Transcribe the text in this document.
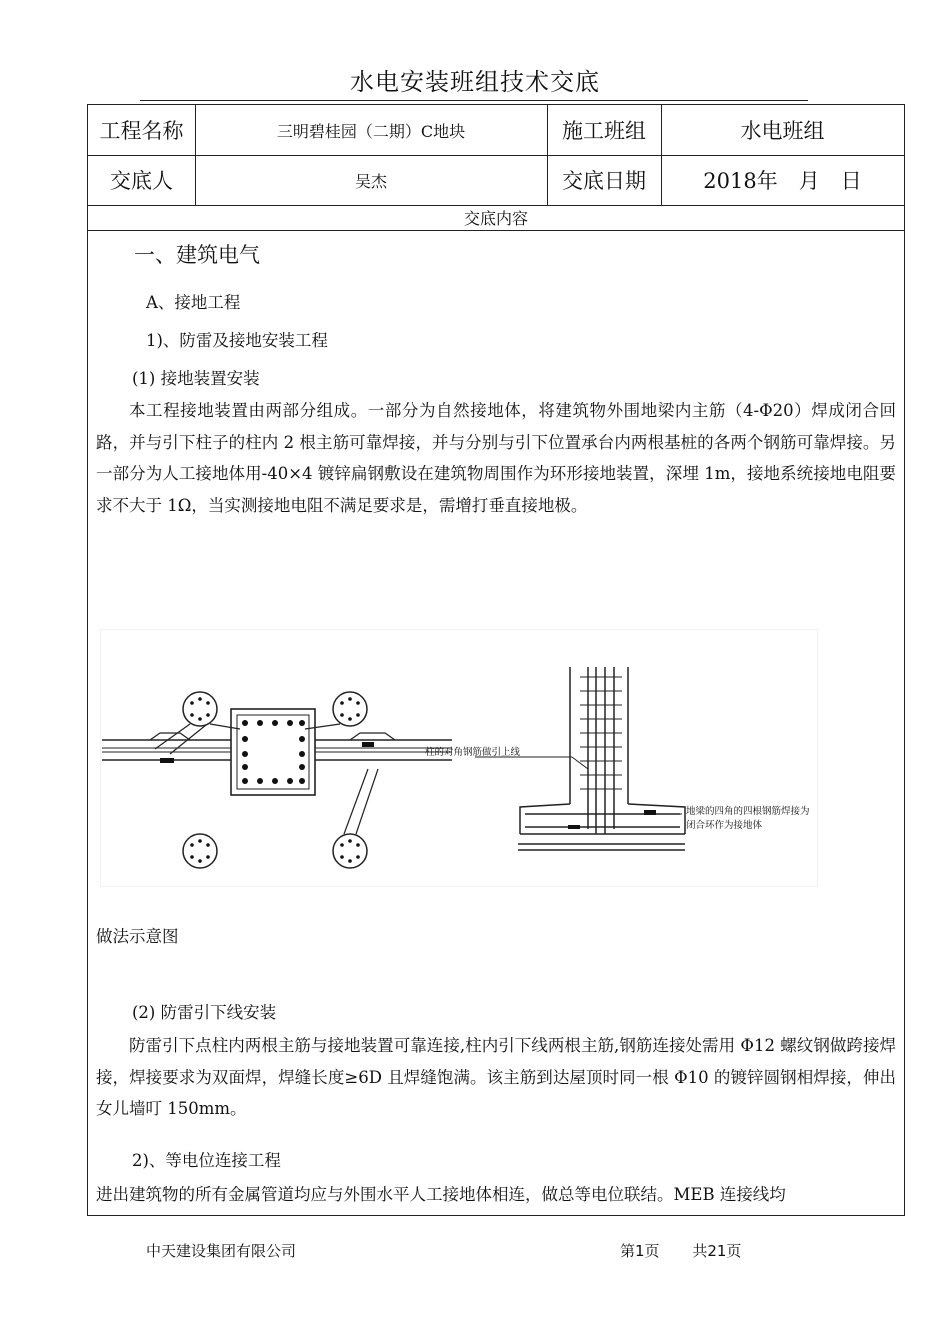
水电安装班组技术交底
工程名称	三明碧桂园（二期）C地块	施工班组	水电班组
交底人	吴杰	交底日期	2018年　月　日
交底内容
一、建筑电气
A、接地工程
1)、防雷及接地安装工程
(1) 接地装置安装
本工程接地装置由两部分组成。一部分为自然接地体，将建筑物外围地梁内主筋（4-Φ20）焊成闭合回路，并与引下柱子的柱内 2 根主筋可靠焊接，并与分别与引下位置承台内两根基桩的各两个钢筋可靠焊接。另一部分为人工接地体用-40×4 镀锌扁钢敷设在建筑物周围作为环形接地装置，深埋 1m，接地系统接地电阻要求不大于 1Ω，当实测接地电阻不满足要求是，需增打垂直接地极。
柱的对角钢筋做引上线
地梁的四角的四根钢筋焊接为闭合环作为接地体
做法示意图
(2) 防雷引下线安装
防雷引下点柱内两根主筋与接地装置可靠连接,柱内引下线两根主筋,钢筋连接处需用 Φ12 螺纹钢做跨接焊接，焊接要求为双面焊，焊缝长度≥6D 且焊缝饱满。该主筋到达屋顶时同一根 Φ10 的镀锌圆钢相焊接，伸出女儿墙叮 150mm。
2)、等电位连接工程
进出建筑物的所有金属管道均应与外围水平人工接地体相连，做总等电位联结。MEB 连接线均
中天建设集团有限公司	第1页 共21页
